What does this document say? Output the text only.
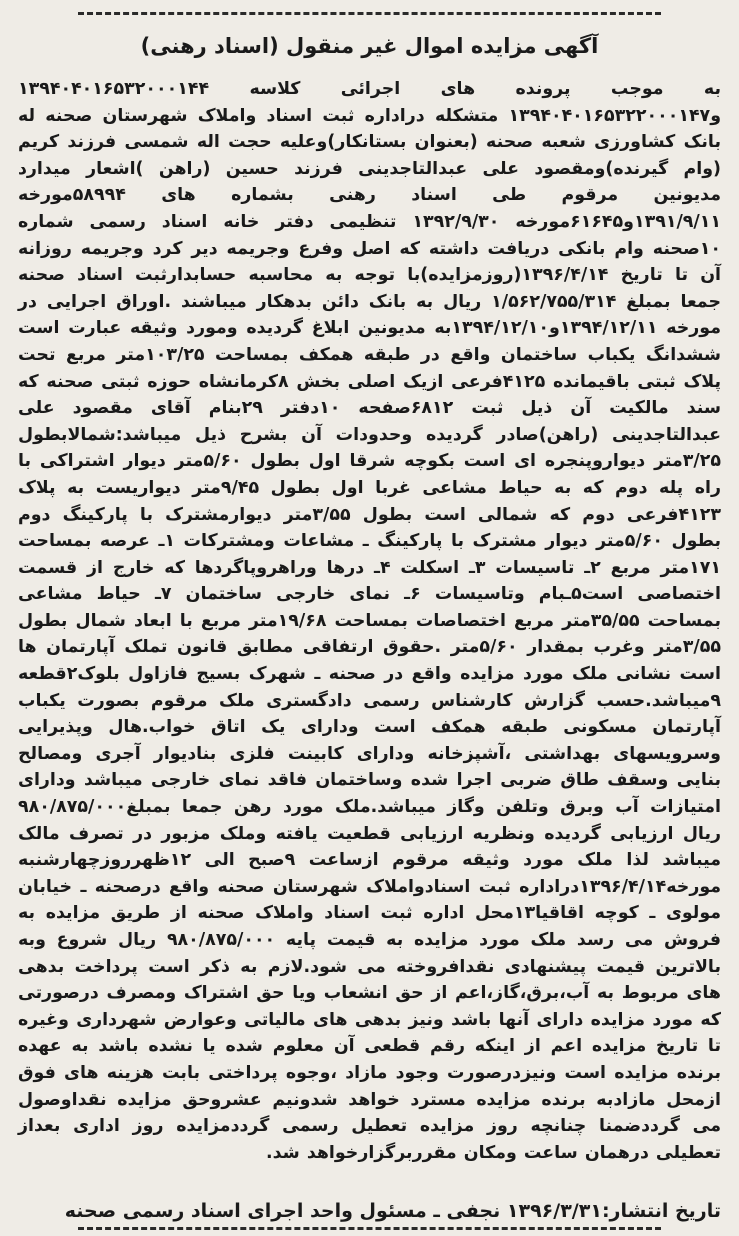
آگهی مزایده اموال غیر منقول (اسناد رهنی)

به موجب پرونده های اجرائی کلاسه ۱۳۹۴۰۴۰۱۶۵۳۲۰۰۰۱۴۴ و۱۳۹۴۰۴۰۱۶۵۳۲۲۰۰۰۱۴۷ متشکله دراداره ثبت اسناد واملاک شهرستان صحنه له بانک کشاورزی شعبه صحنه (بعنوان بستانکار)وعلیه حجت اله شمسی فرزند کریم (وام گیرنده)ومقصود علی عبدالتاجدینی فرزند حسین (راهن )اشعار میدارد مدیونین مرقوم طی اسناد رهنی بشماره های ۵۸۹۹۴مورخه ۱۳۹۱/۹/۱۱و۶۱۶۴۵مورخه ۱۳۹۲/۹/۳۰ تنظیمی دفتر خانه اسناد رسمی شماره ۱۰صحنه وام بانکی دریافت داشته که اصل وفرع وجریمه دیر کرد وجریمه روزانه آن تا تاریخ ۱۳۹۶/۴/۱۴(روزمزایده)با توجه به محاسبه حسابدارثبت اسناد صحنه جمعا بمبلغ ۱/۵۶۲/۷۵۵/۳۱۴ ریال به بانک دائن بدهکار میباشند .اوراق اجرایی در مورخه ۱۳۹۴/۱۲/۱۱و۱۳۹۴/۱۲/۱۰به مدیونین ابلاغ گردیده ومورد وثیقه عبارت است ششدانگ یکباب ساختمان واقع در طبقه همکف بمساحت ۱۰۳/۲۵متر مربع تحت پلاک ثبتی باقیمانده ۴۱۲۵فرعی ازیک اصلی بخش ۸کرمانشاه حوزه ثبتی صحنه که سند مالکیت آن ذیل ثبت ۶۸۱۲صفحه ۱۰دفتر ۲۹بنام آقای مقصود علی عبدالتاجدینی (راهن)صادر گردیده وحدودات آن بشرح ذیل میباشد:شمالابطول ۳/۲۵متر دیواروپنجره ای است بکوچه شرقا اول بطول ۵/۶۰متر دیوار اشتراکی با راه پله دوم که به حیاط مشاعی غربا اول بطول ۹/۴۵متر دیواریست به پلاک ۴۱۲۳فرعی دوم که شمالی است بطول ۳/۵۵متر دیوارمشترک با پارکینگ دوم بطول ۵/۶۰متر دیوار مشترک با پارکینگ ـ مشاعات ومشترکات ۱ـ عرصه بمساحت ۱۷۱متر مربع ۲ـ تاسیسات ۳ـ اسکلت ۴ـ درها وراهروپاگردها که خارج از قسمت اختصاصی است۵ـبام وتاسیسات ۶ـ نمای خارجی ساختمان ۷ـ حیاط مشاعی بمساحت ۳۵/۵۵متر مربع اختصاصات بمساحت ۱۹/۶۸متر مربع با ابعاد شمال بطول ۳/۵۵متر وغرب بمقدار ۵/۶۰متر .حقوق ارتفاقی مطابق قانون تملک آپارتمان ها است نشانی ملک مورد مزایده واقع در صحنه ـ شهرک بسیج فازاول بلوک۲قطعه ۹میباشد.حسب گزارش کارشناس رسمی دادگستری ملک مرقوم بصورت یکباب آپارتمان مسکونی طبقه همکف است ودارای یک اتاق خواب.هال وپذیرایی وسرویسهای بهداشتی ،آشپزخانه ودارای کابینت فلزی بنادیوار آجری ومصالح بنایی وسقف طاق ضربی اجرا شده وساختمان فاقد نمای خارجی میباشد ودارای امتیازات آب وبرق وتلفن وگاز میباشد.ملک مورد رهن جمعا بمبلغ۹۸۰/۸۷۵/۰۰۰ ریال ارزیابی گردیده ونظریه ارزیابی قطعیت یافته وملک مزبور در تصرف مالک میباشد لذا ملک مورد وثیقه مرقوم ازساعت ۹صبح الی ۱۲ظهرروزچهارشنبه مورخه۱۳۹۶/۴/۱۴دراداره ثبت اسنادواملاک شهرستان صحنه واقع درصحنه ـ خیابان مولوی ـ کوچه اقاقیا۱۳محل اداره ثبت اسناد واملاک صحنه از طریق مزایده به فروش می رسد ملک مورد مزایده به قیمت پایه ۹۸۰/۸۷۵/۰۰۰ ریال شروع وبه بالاترین قیمت پیشنهادی نقدافروخته می شود.لازم به ذکر است پرداخت بدهی های مربوط به آب،برق،گاز،اعم از حق انشعاب ویا حق اشتراک ومصرف درصورتی که مورد مزایده دارای آنها باشد ونیز بدهی های مالیاتی وعوارض شهرداری وغیره تا تاریخ مزایده اعم از اینکه رقم قطعی آن معلوم شده یا نشده باشد به عهده برنده مزایده است ونیزدرصورت وجود مازاد ،وجوه پرداختی بابت هزینه های فوق ازمحل مازادبه برنده مزایده مسترد خواهد شدونیم عشروحق مزایده نقداوصول می گرددضمنا چنانچه روز مزایده تعطیل رسمی گرددمزایده روز اداری بعداز تعطیلی درهمان ساعت ومکان مقرربرگزارخواهد شد.

تاریخ انتشار:۱۳۹۶/۳/۳۱ نجفی ـ مسئول واحد اجرای اسناد رسمی صحنه
